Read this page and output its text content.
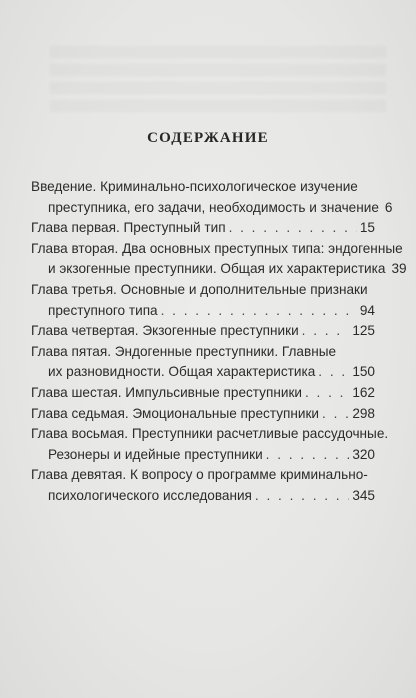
СОДЕРЖАНИЕ
Введение. Криминально-психологическое изучение
преступника, его задачи, необходимость и значение 6
Глава первая. Преступный тип . . .	15
Глава вторая. Два основных преступных типа: эндогенные
и экзогенные преступники. Общая их характеристика 39
Глава третья. Основные и дополнительные признаки
преступного типа . . .	94
Глава четвертая. Экзогенные преступники . . .	125
Глава пятая. Эндогенные преступники. Главные
их разновидности. Общая характеристика . . .	150
Глава шестая. Импульсивные преступники . . .	162
Глава седьмая. Эмоциональные преступники . . . 298
Глава восьмая. Преступники расчетливые рассудочные.
Резонеры и идейные преступники . . .	320
Глава девятая. К вопросу о программе криминально-
психологического исследования . . .	345
